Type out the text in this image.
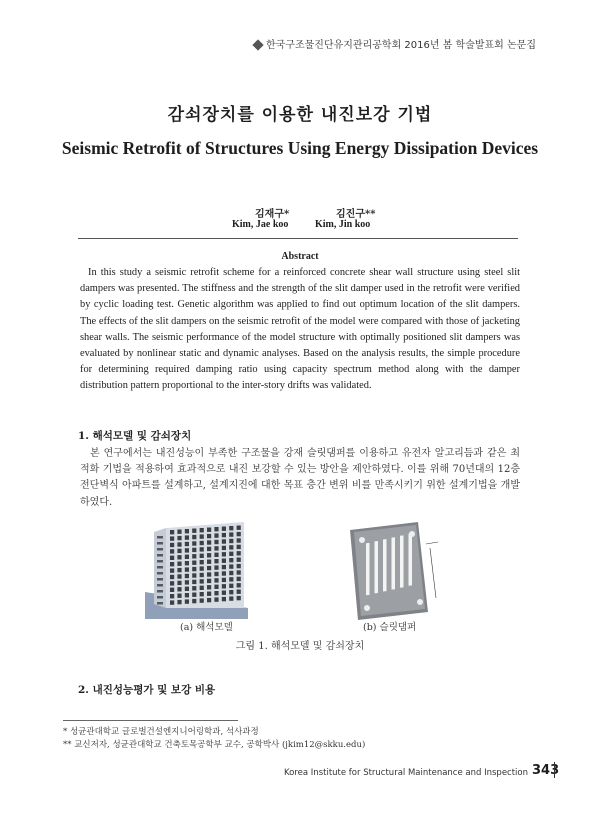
한국구조물진단유지관리공학회 2016년 봄 학술발표회 논문집
감쇠장치를 이용한 내진보강 기법
Seismic Retrofit of Structures Using Energy Dissipation Devices
김재구*	김진구**
Kim, Jae koo	Kim, Jin koo
Abstract
In this study a seismic retrofit scheme for a reinforced concrete shear wall structure using steel slit dampers was presented. The stiffness and the strength of the slit damper used in the retrofit were verified by cyclic loading test. Genetic algorithm was applied to find out optimum location of the slit dampers. The effects of the slit dampers on the seismic retrofit of the model were compared with those of jacketing shear walls. The seismic performance of the model structure with optimally positioned slit dampers was evaluated by nonlinear static and dynamic analyses. Based on the analysis results, the simple procedure for determining required damping ratio using capacity spectrum method along with the damper distribution pattern proportional to the inter-story drifts was validated.
1. 해석모델 및 감쇠장치
본 연구에서는 내진성능이 부족한 구조물을 강재 슬릿댐퍼를 이용하고 유전자 알고리듬과 같은 최적화 기법을 적용하여 효과적으로 내진 보강할 수 있는 방안을 제안하였다. 이를 위해 70년대의 12층 전단벽식 아파트를 설계하고, 설계지진에 대한 목표 층간 변위 비를 만족시키기 위한 설계기법을 개발하였다.
(a) 해석모델	(b) 슬릿댐퍼
그림 1. 해석모델 및 감쇠장치
2. 내진성능평가 및 보강 비용
* 성균관대학교 글로벌건설엔지니어링학과, 석사과정
** 교신저자, 성균관대학교 건축토목공학부 교수, 공학박사 (jkim12@skku.edu)
Korea Institute for Structural Maintenance and Inspection 343
